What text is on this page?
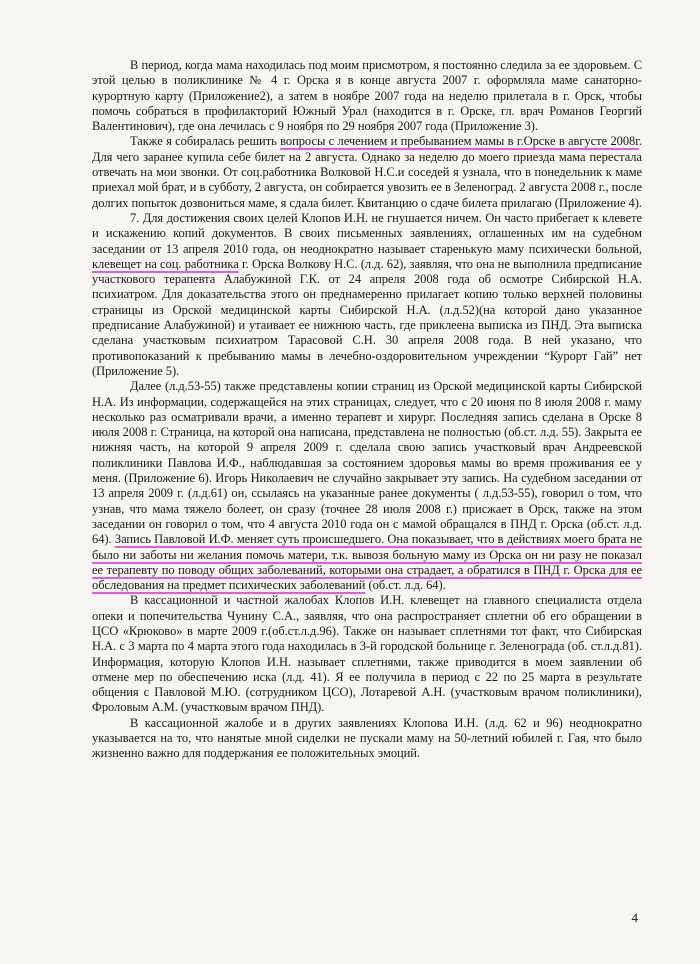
В период, когда мама находилась под моим присмотром, я постоянно следила за ее здоровьем. С этой целью в поликлинике № 4 г. Орска я в конце августа 2007 г. оформляла маме санаторно-курортную карту (Приложение2), а затем в ноябре 2007 года на неделю прилетала в г. Орск, чтобы помочь собраться в профилакторий Южный Урал (находится в г. Орске, гл. врач Романов Георгий Валентинович), где она лечилась с 9 ноября по 29 ноября 2007 года (Приложение 3).

Также я собиралась решить вопросы с лечением и пребыванием мамы в г.Орске в августе 2008г. Для чего заранее купила себе билет на 2 августа. Однако за неделю до моего приезда мама перестала отвечать на мои звонки. От соц.работника Волковой Н.С.и соседей я узнала, что в понедельник к маме приехал мой брат, и в субботу, 2 августа, он собирается увозить ее в Зеленоград. 2 августа 2008 г., после долгих попыток дозвониться маме, я сдала билет. Квитанцию о сдаче билета прилагаю (Приложение 4).

7. Для достижения своих целей Клопов И.Н. не гнушается ничем. Он часто прибегает к клевете и искажению копий документов. В своих письменных заявлениях, оглашенных им на судебном заседании от 13 апреля 2010 года, он неоднократно называет старенькую маму психически больной, клевещет на соц. работника г. Орска Волкову Н.С. (л.д. 62), заявляя, что она не выполнила предписание участкового терапевта Алабужиной Г.К. от 24 апреля 2008 года об осмотре Сибирской Н.А. психиатром. Для доказательства этого он преднамеренно прилагает копию только верхней половины страницы из Орской медицинской карты Сибирской Н.А. (л.д.52)(на которой дано указанное предписание Алабужиной) и утаивает ее нижнюю часть, где приклеена выписка из ПНД. Эта выписка сделана участковым психиатром Тарасовой С.Н. 30 апреля 2008 года. В ней указано, что противопоказаний к пребыванию мамы в лечебно-оздоровительном учреждении “Курорт Гай” нет (Приложение 5).

Далее (л.д.53-55) также представлены копии страниц из Орской медицинской карты Сибирской Н.А. Из информации, содержащейся на этих страницах, следует, что с 20 июня по 8 июля 2008 г. маму несколько раз осматривали врачи, а именно терапевт и хирург. Последняя запись сделана в Орске 8 июля 2008 г. Страница, на которой она написана, представлена не полностью (об.ст. л.д. 55). Закрыта ее нижняя часть, на которой 9 апреля 2009 г. сделала свою запись участковый врач Андреевской поликлиники Павлова И.Ф., наблюдавшая за состоянием здоровья мамы во время проживания ее у меня. (Приложение 6). Игорь Николаевич не случайно закрывает эту запись. На судебном заседании от 13 апреля 2009 г. (л.д.61) он, ссылаясь на указанные ранее документы ( л.д.53-55), говорил о том, что узнав, что мама тяжело болеет, он сразу (точнее 28 июля 2008 г.) присжает в Орск, также на этом заседании он говорил о том, что 4 августа 2010 года он с мамой обращался в ПНД г. Орска (об.ст. л.д. 64). Запись Павловой И.Ф. меняет суть происшедшего. Она показывает, что в действиях моего брата не было ни заботы ни желания помочь матери, т.к. вывозя больную маму из Орска он ни разу не показал ее терапевту по поводу общих заболеваний, которыми она страдает, а обратился в ПНД г. Орска для ее обследования на предмет психических заболеваний (об.ст. л.д. 64).

В кассационной и частной жалобах Клопов И.Н. клевещет на главного специалиста отдела опеки и попечительства Чунину С.А., заявляя, что она распространяет сплетни об его обращении в ЦСО «Крюково» в марте 2009 г.(об.ст.л.д.96). Также он называет сплетнями тот факт, что Сибирская Н.А. с 3 марта по 4 марта этого года находилась в 3-й городской больнице г. Зеленограда (об. ст.л.д.81). Информация, которую Клопов И.Н. называет сплетнями, также приводится в моем заявлении об отмене мер по обеспечению иска (л.д. 41). Я ее получила в период с 22 по 25 марта в результате общения с Павловой М.Ю. (сотрудником ЦСО), Лотаревой А.Н. (участковым врачом поликлиники), Фроловым А.М. (участковым врачом ПНД).

В кассационной жалобе и в других заявлениях Клопова И.Н. (л.д. 62 и 96) неоднократно указывается на то, что нанятые мной сиделки не пускали маму на 50-летний юбилей г. Гая, что было жизненно важно для поддержания ее положительных эмоций.

4
